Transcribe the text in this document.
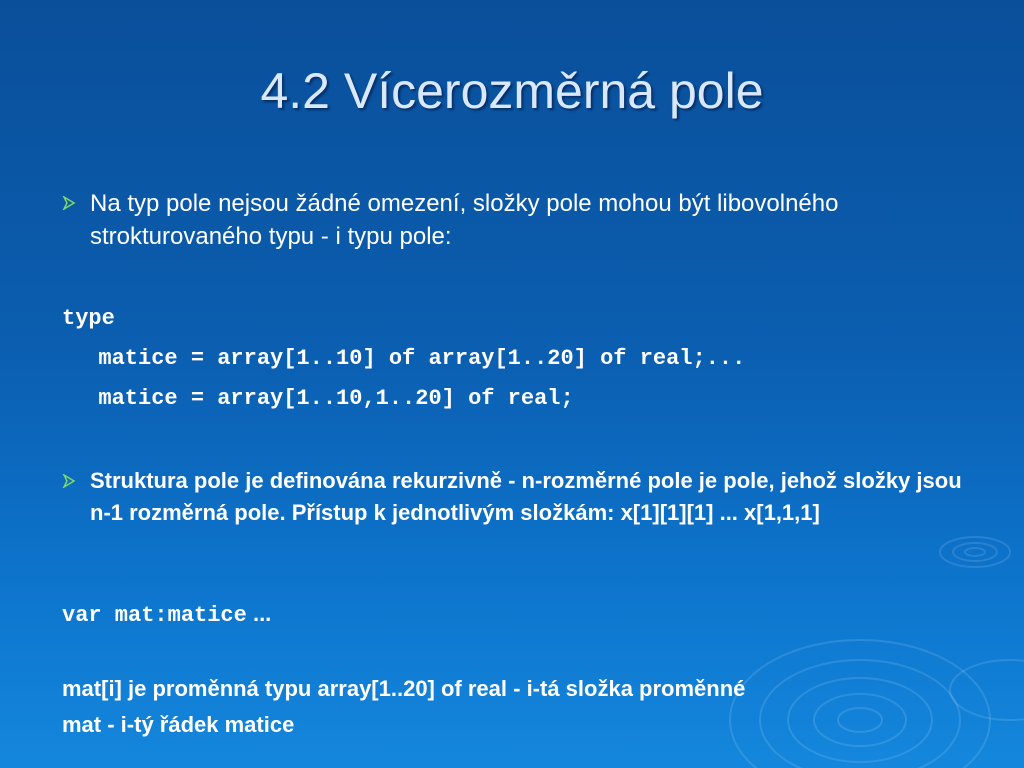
4.2 Vícerozměrná pole
Na typ pole nejsou žádné omezení, složky pole mohou být libovolného strokturovaného typu - i typu pole:
type
matice = array[1..10] of array[1..20] of real;...
matice = array[1..10,1..20] of real;
Struktura pole je definována rekurzivně - n-rozměrné pole je pole, jehož složky jsou n-1 rozměrná pole. Přístup k jednotlivým složkám: x[1][1][1] ... x[1,1,1]
var mat:matice ...
mat[i] je proměnná typu array[1..20] of real - i-tá složka proměnné
mat - i-tý řádek matice
